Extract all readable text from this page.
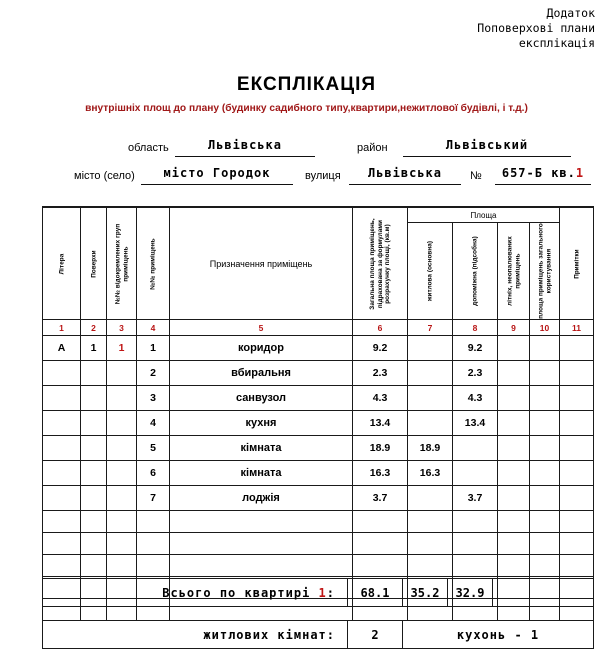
Додаток
Поповерхові плани
експлікація
ЕКСПЛІКАЦІЯ
внутрішніх площ до плану (будинку садибного типу,квартири,нежитлової будівлі, і т.д.)
область	Львівська	район	Львівський
місто (село)	місто Городок	вулиця	Львівська	№	657-Б кв.1
Літера	Поверхи	№№ відокремлених груп приміщень	№№ приміщень	Призначення приміщень	Загальна площа приміщень, підрахована за формулами розрахунку площі, (кв.м)	Площа				Примітки

						житлова (основна)	допоміжна (підсобна)	літніх, неопалюваних приміщень	площа приміщень загального користування	

1	2	3	4	5	6	7	8	9	10	11
А	1	1	1	коридор	9.2		9.2			
			2	вбиральня	2.3		2.3			
			3	санвузол	4.3		4.3			
			4	кухня	13.4		13.4			
			5	кімната	18.9	18.9				
			6	кімната	16.3	16.3				
			7	лоджія	3.7		3.7			

Всього по квартирі 1:	68.1	35.2	32.9	
житлових кімнат:	2	кухонь - 1
